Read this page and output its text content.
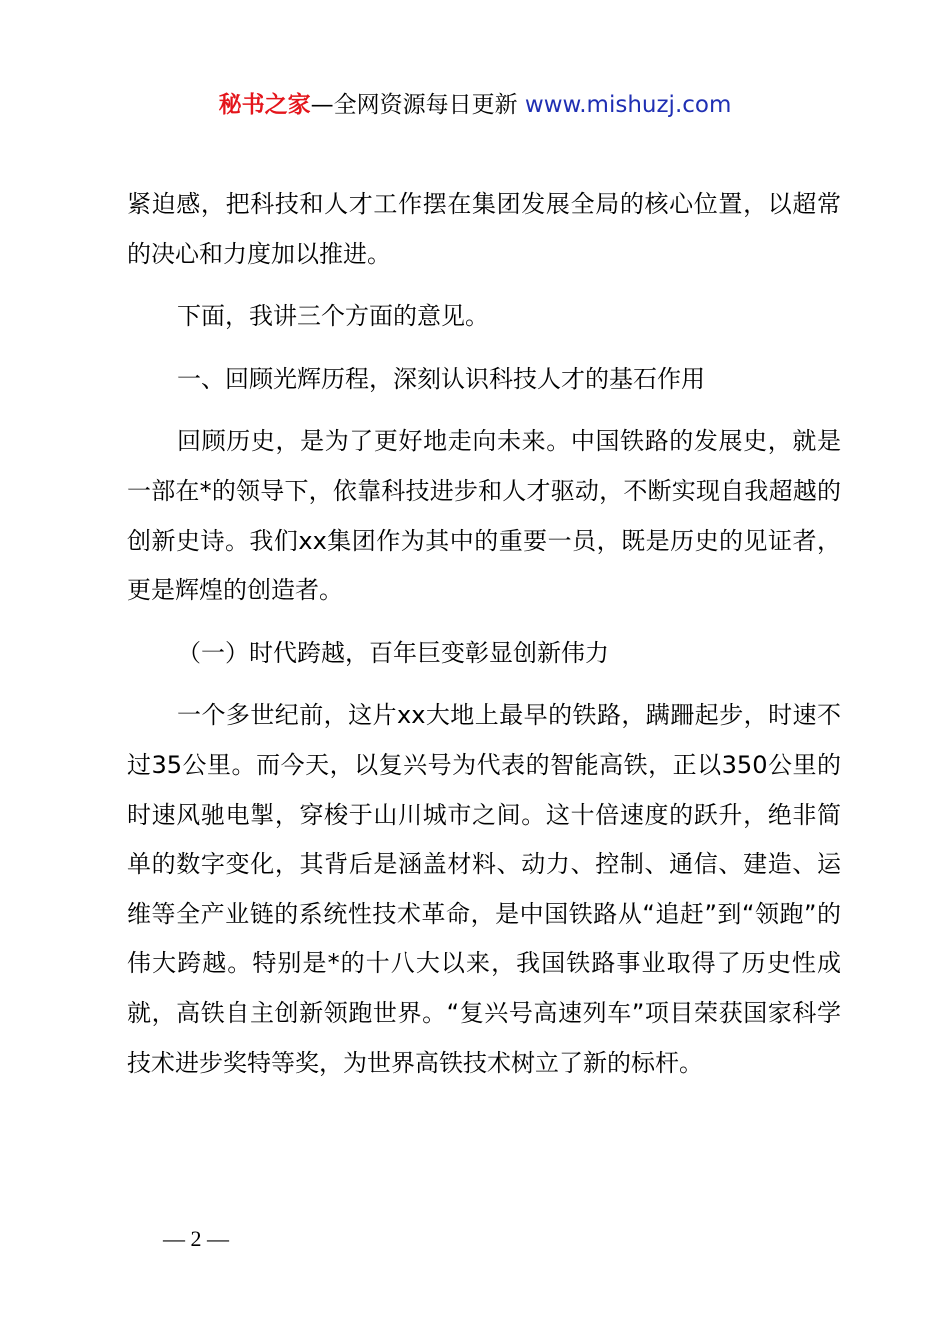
秘书之家—全网资源每日更新 www.mishuzj.com

紧迫感，把科技和人才工作摆在集团发展全局的核心位置，以超常的决心和力度加以推进。

下面，我讲三个方面的意见。

一、回顾光辉历程，深刻认识科技人才的基石作用

回顾历史，是为了更好地走向未来。中国铁路的发展史，就是一部在*的领导下，依靠科技进步和人才驱动，不断实现自我超越的创新史诗。我们xx集团作为其中的重要一员，既是历史的见证者，更是辉煌的创造者。

（一）时代跨越，百年巨变彰显创新伟力

一个多世纪前，这片xx大地上最早的铁路，蹒跚起步，时速不过35公里。而今天，以复兴号为代表的智能高铁，正以350公里的时速风驰电掣，穿梭于山川城市之间。这十倍速度的跃升，绝非简单的数字变化，其背后是涵盖材料、动力、控制、通信、建造、运维等全产业链的系统性技术革命，是中国铁路从“追赶”到“领跑”的伟大跨越。特别是*的十八大以来，我国铁路事业取得了历史性成就，高铁自主创新领跑世界。“复兴号高速列车”项目荣获国家科学技术进步奖特等奖，为世界高铁技术树立了新的标杆。

— 2 —
